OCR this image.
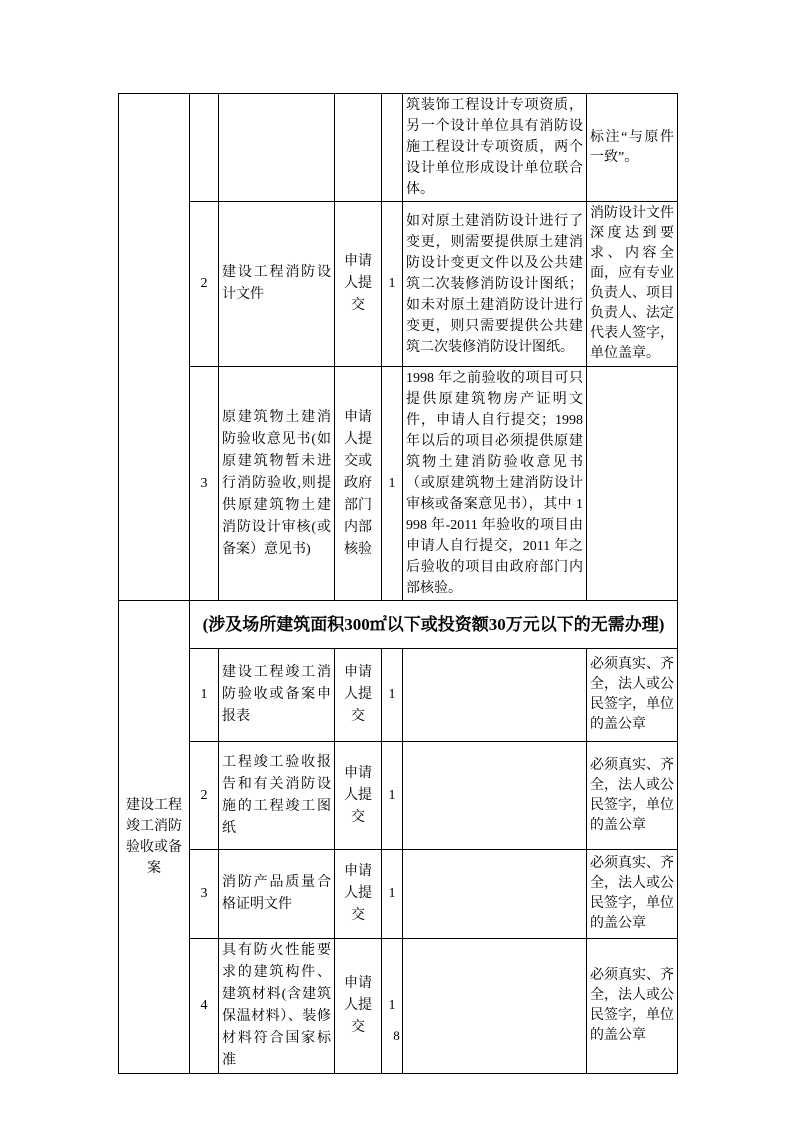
					筑装饰工程设计专项资质，另一个设计单位具有消防设施工程设计专项资质，两个设计单位形成设计单位联合体。	标注“与原件一致”。
	2	建设工程消防设计文件	申请人提交	1	如对原土建消防设计进行了变更，则需要提供原土建消防设计变更文件以及公共建筑二次装修消防设计图纸；如未对原土建消防设计进行变更，则只需要提供公共建筑二次装修消防设计图纸。	消防设计文件深度达到要求、内容全面，应有专业负责人、项目负责人、法定代表人签字，单位盖章。
	3	原建筑物土建消防验收意见书(如原建筑物暂未进行消防验收,则提供原建筑物土建消防设计审核(或备案）意见书)	申请人提交或政府部门内部核验	1	1998 年之前验收的项目可只提供原建筑物房产证明文件，申请人自行提交；1998 年以后的项目必须提供原建筑物土建消防验收意见书（或原建筑物土建消防设计审核或备案意见书），其中 1998 年-2011 年验收的项目由申请人自行提交，2011 年之后验收的项目由政府部门内部核验。	
建设工程竣工消防验收或备案	(涉及场所建筑面积300㎡以下或投资额30万元以下的无需办理)					
	1	建设工程竣工消防验收或备案申报表	申请人提交	1		必须真实、齐全，法人或公民签字，单位的盖公章
	2	工程竣工验收报告和有关消防设施的工程竣工图纸	申请人提交	1		必须真实、齐全，法人或公民签字，单位的盖公章
	3	消防产品质量合格证明文件	申请人提交	1		必须真实、齐全，法人或公民签字，单位的盖公章
	4	具有防火性能要求的建筑构件、建筑材料(含建筑保温材料）、装修材料符合国家标准	申请人提交	1		必须真实、齐全，法人或公民签字，单位的盖公章
8
